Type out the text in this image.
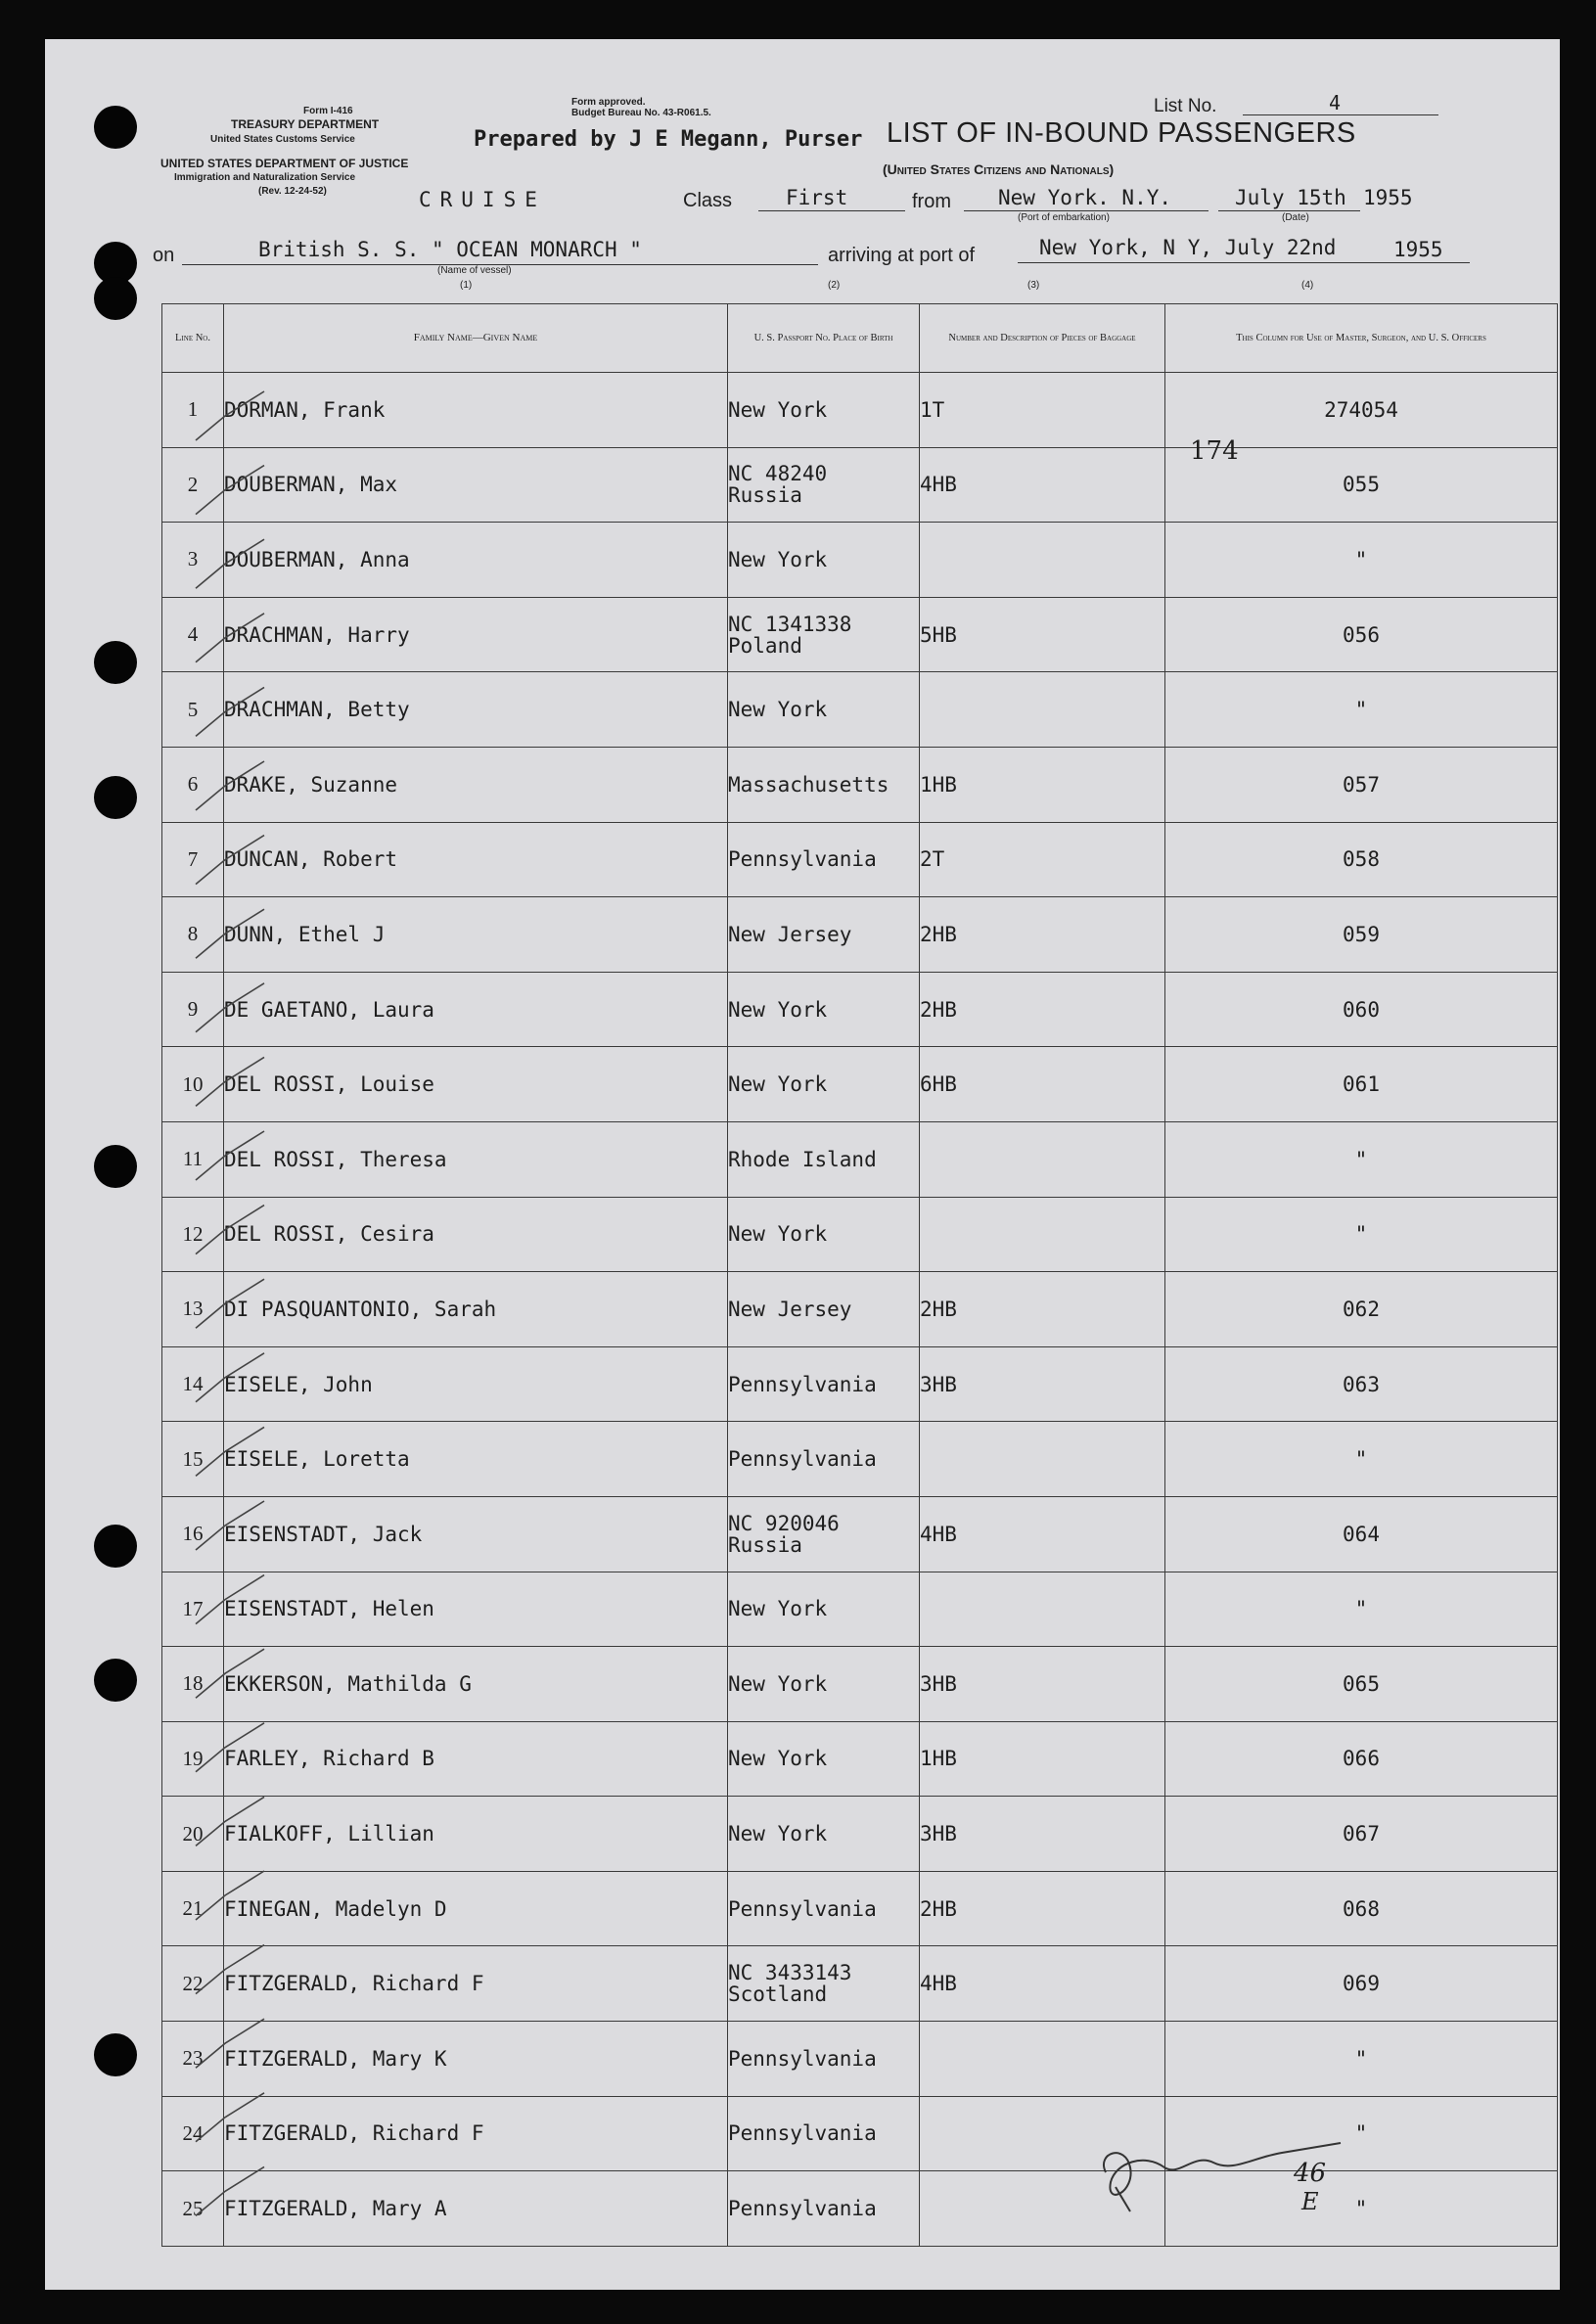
Form I-416
TREASURY DEPARTMENT
United States Customs Service
UNITED STATES DEPARTMENT OF JUSTICE
Immigration and Naturalization Service
(Rev. 12-24-52)	CRUISE
Form approved.
Budget Bureau No. 43-R061.5.
Prepared by J E Megann, Purser LIST OF IN-BOUND PASSENGERS
(United States Citizens and Nationals)
List No.	4
Class	First	from New York. N.Y.
(Port of embarkation)
July 15th
(Date)
1955
on	British S. S. " OCEAN MONARCH "
(Name of vessel)
arriving at port of	New York, N Y, July 22nd	1955
(1)	(2)	(3)	(4)
Line No.	Family Name—Given Name	U. S. Passport No. Place of Birth	Number and Description of Pieces of Baggage	This Column for Use of Master, Surgeon, and U. S. Officers

1	DORMAN, Frank	New York	1T	274054
2	DOUBERMAN, Max	NC 48240
Russia	4HB	055
3	DOUBERMAN, Anna	New York		"
4	DRACHMAN, Harry	NC 1341338
Poland	5HB	056
5	DRACHMAN, Betty	New York		"
6	DRAKE, Suzanne	Massachusetts	1HB	057
7	DUNCAN, Robert	Pennsylvania	2T	058
8	DUNN, Ethel J	New Jersey	2HB	059
9	DE GAETANO, Laura	New York	2HB	060
10	DEL ROSSI, Louise	New York	6HB	061
11	DEL ROSSI, Theresa	Rhode Island		"
12	DEL ROSSI, Cesira	New York		"
13	DI PASQUANTONIO, Sarah	New Jersey	2HB	062
14	EISELE, John	Pennsylvania	3HB	063
15	EISELE, Loretta	Pennsylvania		"
16	EISENSTADT, Jack	NC 920046
Russia	4HB	064
17	EISENSTADT, Helen	New York		"
18	EKKERSON, Mathilda G	New York	3HB	065
19	FARLEY, Richard B	New York	1HB	066
20	FIALKOFF, Lillian	New York	3HB	067
21	FINEGAN, Madelyn D	Pennsylvania	2HB	068
22	FITZGERALD, Richard F	NC 3433143
Scotland	4HB	069
23	FITZGERALD, Mary K	Pennsylvania		"
24	FITZGERALD, Richard F	Pennsylvania		"
25	FITZGERALD, Mary A	Pennsylvania		"
174
46
E
